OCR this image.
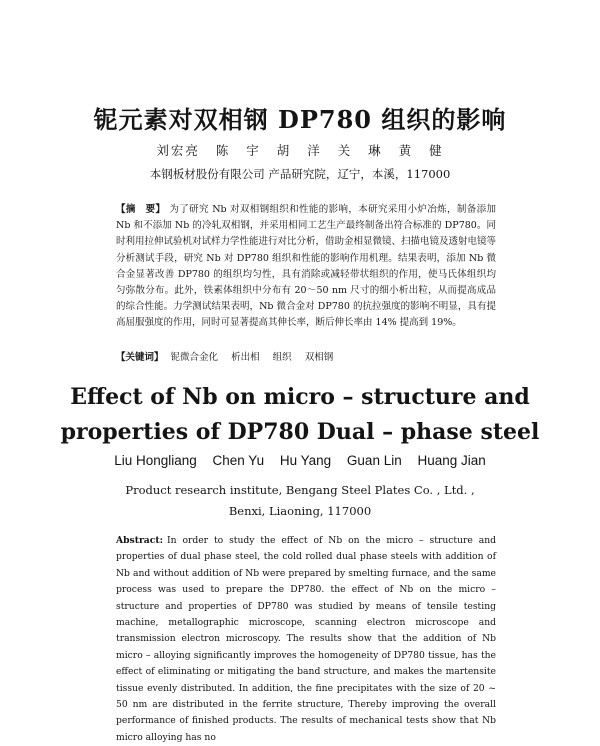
铌元素对双相钢 DP780 组织的影响
刘宏亮 陈 宇 胡 洋 关 琳 黄 健
本钢板材股份有限公司 产品研究院，辽宁，本溪，117000
【摘　要】 为了研究 Nb 对双相钢组织和性能的影响，本研究采用小炉冶炼，制备添加 Nb 和不添加 Nb 的冷轧双相钢，并采用相同工艺生产最终制备出符合标准的 DP780。同时利用拉伸试验机对试样力学性能进行对比分析，借助金相显微镜、扫描电镜及透射电镜等分析测试手段，研究 Nb 对 DP780 组织和性能的影响作用机理。结果表明，添加 Nb 微合金显著改善 DP780 的组织均匀性，具有消除或减轻带状组织的作用，使马氏体组织均匀弥散分布。此外，铁素体组织中分布有 20～50 nm 尺寸的细小析出粒，从而提高成品的综合性能。力学测试结果表明，Nb 微合金对 DP780 的抗拉强度的影响不明显，具有提高屈服强度的作用，同时可显著提高其伸长率，断后伸长率由 14% 提高到 19%。
【关键词】 铌微合金化 析出相 组织 双相钢
Effect of Nb on micro – structure and
properties of DP780 Dual – phase steel
Liu Hongliang Chen Yu Hu Yang Guan Lin Huang Jian
Product research institute, Bengang Steel Plates Co. , Ltd. ,
Benxi, Liaoning, 117000
Abstract: In order to study the effect of Nb on the micro – structure and properties of dual phase steel, the cold rolled dual phase steels with addition of Nb and without addition of Nb were prepared by smelting furnace, and the same process was used to prepare the DP780. the effect of Nb on the micro – structure and properties of DP780 was studied by means of tensile testing machine, metallographic microscope, scanning electron microscope and transmission electron microscopy. The results show that the addition of Nb micro – alloying significantly improves the homogeneity of DP780 tissue, has the effect of eliminating or mitigating the band structure, and makes the martensite tissue evenly distributed. In addition, the fine precipitates with the size of 20 ~ 50 nm are distributed in the ferrite structure, Thereby improving the overall performance of finished products. The results of mechanical tests show that Nb micro alloying has no
